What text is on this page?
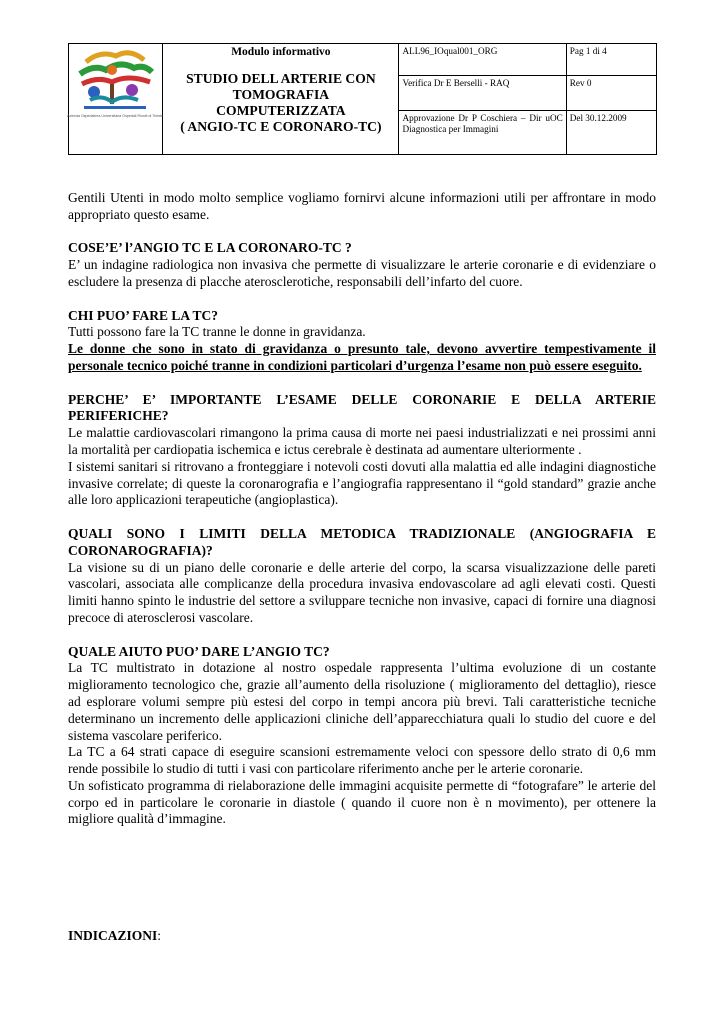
Azienda Ospedaliera Universitaria Ospedali Riuniti di Trieste	Modulo informativo
STUDIO DELL ARTERIE CON
TOMOGRAFIA
COMPUTERIZZATA
( ANGIO-TC E CORONARO-TC)	ALL96_IOqual001_ORG	Pag 1 di 4
		Verifica Dr E Berselli - RAQ	Rev 0
		Approvazione Dr P Coschiera – Dir uOC Diagnostica per Immagini	Del 30.12.2009

Gentili Utenti in modo molto semplice vogliamo fornirvi alcune informazioni utili per affrontare in modo appropriato questo esame.

COSE’E’ l’ANGIO TC E LA CORONARO-TC ?

E’ un indagine radiologica non invasiva che permette di visualizzare le arterie coronarie e di evidenziare o escludere la presenza di placche aterosclerotiche, responsabili dell’infarto del cuore.

CHI PUO’ FARE LA TC?

Tutti possono fare la TC tranne le donne in gravidanza.

Le donne che sono in stato di gravidanza o presunto tale, devono avvertire tempestivamente il personale tecnico poiché tranne in condizioni particolari d’urgenza l’esame non può essere eseguito.

PERCHE’ E’ IMPORTANTE L’ESAME DELLE CORONARIE E DELLA ARTERIE PERIFERICHE?

Le malattie cardiovascolari rimangono la prima causa di morte nei paesi industrializzati e nei prossimi anni la mortalità per cardiopatia ischemica e ictus cerebrale è destinata ad aumentare ulteriormente .

I sistemi sanitari si ritrovano a fronteggiare i notevoli costi dovuti alla malattia ed alle indagini diagnostiche invasive correlate; di queste la coronarografia e l’angiografia rappresentano il “gold standard” grazie anche alle loro applicazioni terapeutiche (angioplastica).

QUALI SONO I LIMITI DELLA METODICA TRADIZIONALE (ANGIOGRAFIA E CORONAROGRAFIA)?

La visione su di un piano delle coronarie e delle arterie del corpo, la scarsa visualizzazione delle pareti vascolari, associata alle complicanze della procedura invasiva endovascolare ad agli elevati costi. Questi limiti hanno spinto le industrie del settore a sviluppare tecniche non invasive, capaci di fornire una diagnosi precoce di aterosclerosi vascolare.

QUALE AIUTO PUO’ DARE L’ANGIO TC?

La TC multistrato in dotazione al nostro ospedale rappresenta l’ultima evoluzione di un costante miglioramento tecnologico che, grazie all’aumento della risoluzione ( miglioramento del dettaglio), riesce ad esplorare volumi sempre più estesi del corpo in tempi ancora più brevi. Tali caratteristiche tecniche determinano un incremento delle applicazioni cliniche dell’apparecchiatura quali lo studio del cuore e del sistema vascolare periferico.

La TC a 64 strati capace di eseguire scansioni estremamente veloci con spessore dello strato di 0,6 mm rende possibile lo studio di tutti i vasi con particolare riferimento anche per le arterie coronarie.

Un sofisticato programma di rielaborazione delle immagini acquisite permette di “fotografare” le arterie del corpo ed in particolare le coronarie in diastole ( quando il cuore non è n movimento), per ottenere la migliore qualità d’immagine.

INDICAZIONI:
